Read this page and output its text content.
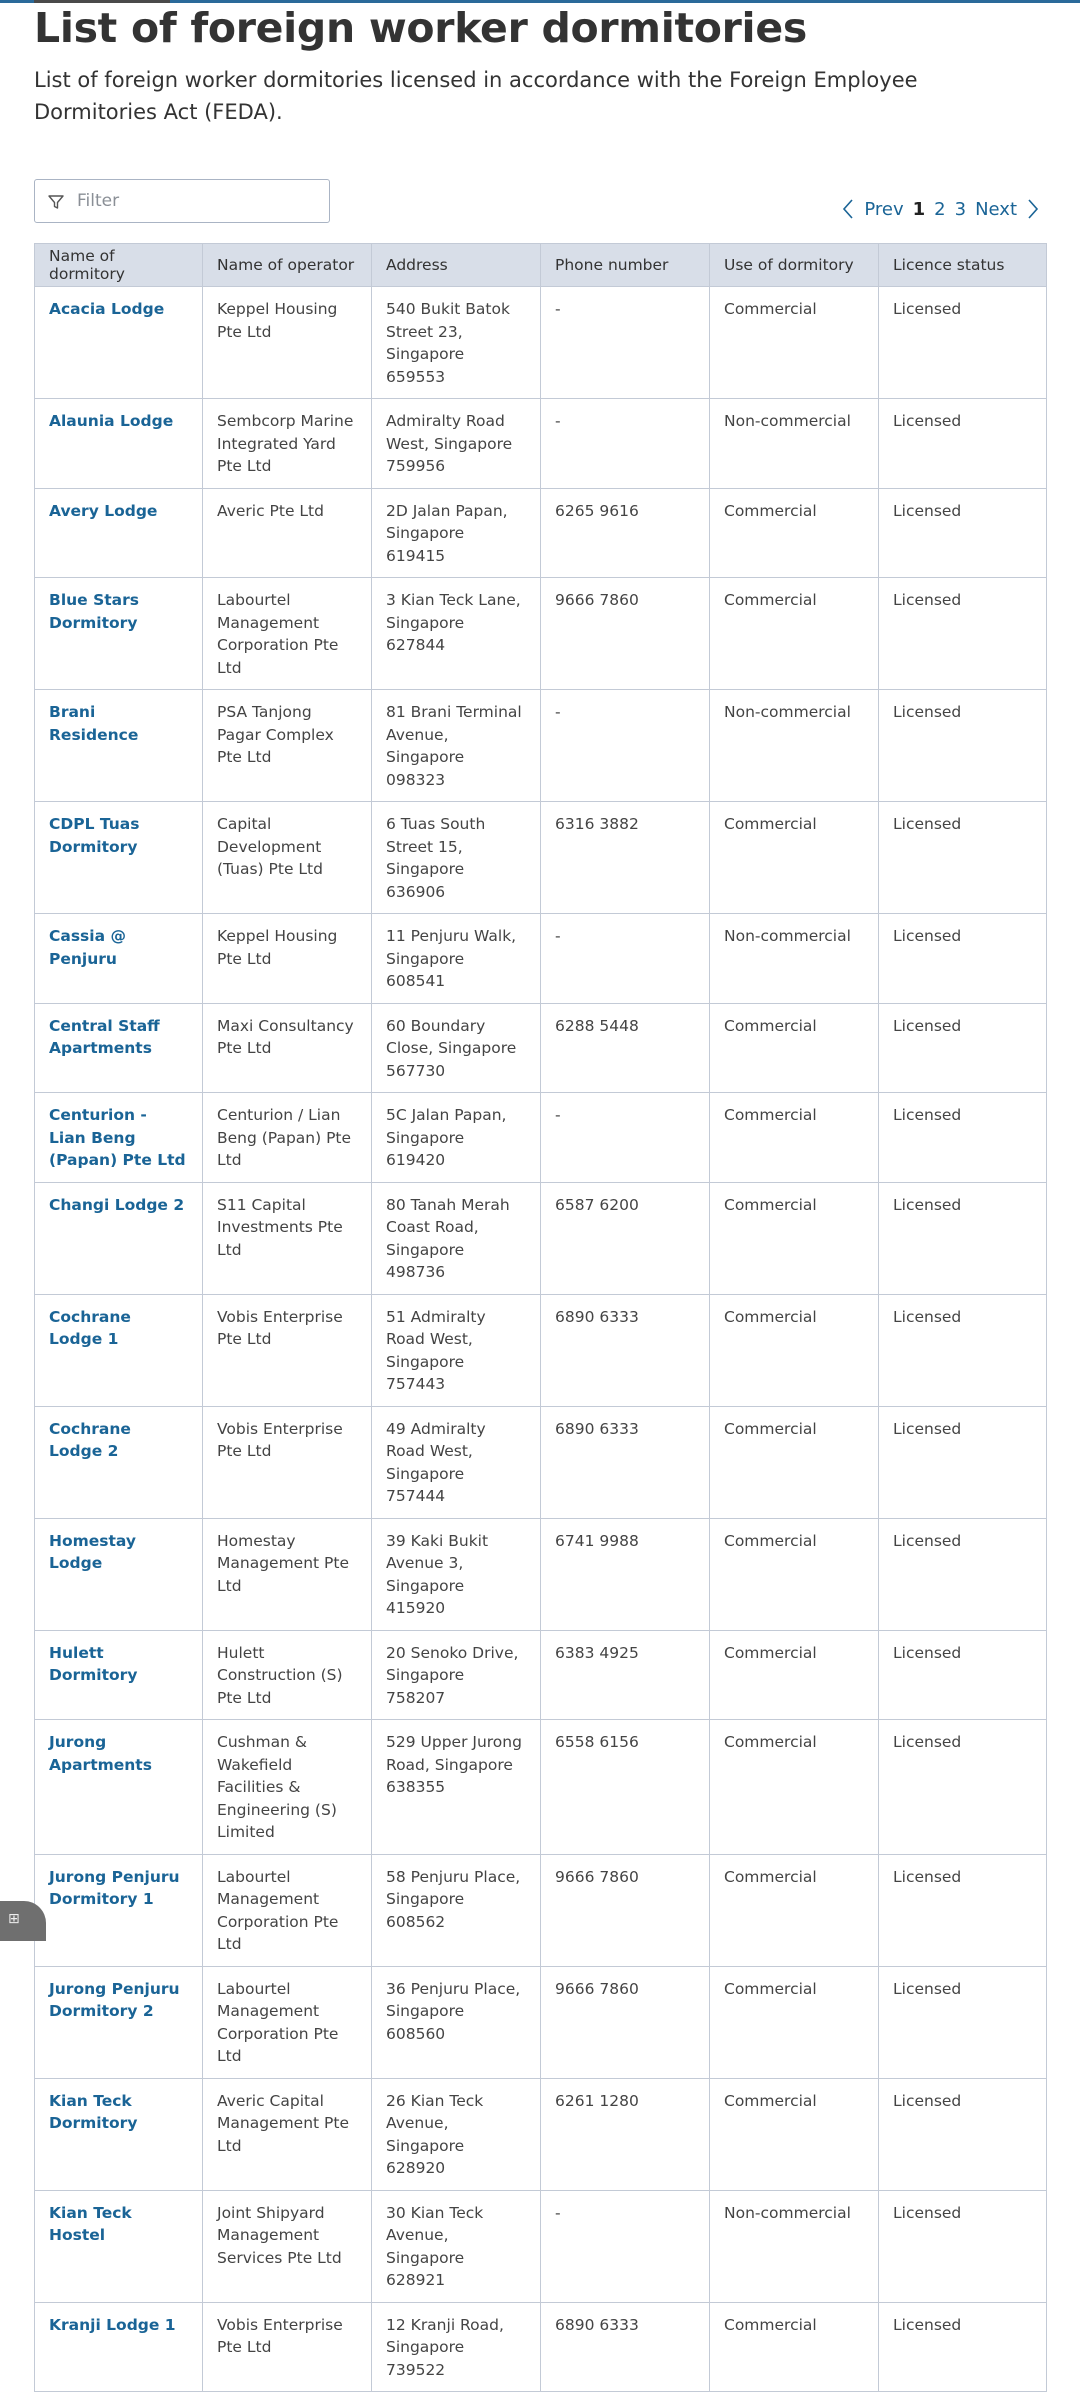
List of foreign worker dormitories

List of foreign worker dormitories licensed in accordance with the Foreign Employee Dormitories Act (FEDA).

Filter
Prev 1 2 3 Next
Name of dormitory	Name of operator	Address	Phone number	Use of dormitory	Licence status
Acacia Lodge	Keppel Housing Pte Ltd	540 Bukit Batok Street 23, Singapore 659553	-	Commercial	Licensed
Alaunia Lodge	Sembcorp Marine Integrated Yard Pte Ltd	Admiralty Road West, Singapore 759956	-	Non-commercial	Licensed
Avery Lodge	Averic Pte Ltd	2D Jalan Papan, Singapore 619415	6265 9616	Commercial	Licensed
Blue Stars Dormitory	Labourtel Management Corporation Pte Ltd	3 Kian Teck Lane, Singapore 627844	9666 7860	Commercial	Licensed
Brani Residence	PSA Tanjong Pagar Complex Pte Ltd	81 Brani Terminal Avenue, Singapore 098323	-	Non-commercial	Licensed
CDPL Tuas Dormitory	Capital Development (Tuas) Pte Ltd	6 Tuas South Street 15, Singapore 636906	6316 3882	Commercial	Licensed
Cassia @ Penjuru	Keppel Housing Pte Ltd	11 Penjuru Walk, Singapore 608541	-	Non-commercial	Licensed
Central Staff Apartments	Maxi Consultancy Pte Ltd	60 Boundary Close, Singapore 567730	6288 5448	Commercial	Licensed
Centurion - Lian Beng (Papan) Pte Ltd	Centurion / Lian Beng (Papan) Pte Ltd	5C Jalan Papan, Singapore 619420	-	Commercial	Licensed
Changi Lodge 2	S11 Capital Investments Pte Ltd	80 Tanah Merah Coast Road, Singapore 498736	6587 6200	Commercial	Licensed
Cochrane Lodge 1	Vobis Enterprise Pte Ltd	51 Admiralty Road West, Singapore 757443	6890 6333	Commercial	Licensed
Cochrane Lodge 2	Vobis Enterprise Pte Ltd	49 Admiralty Road West, Singapore 757444	6890 6333	Commercial	Licensed
Homestay Lodge	Homestay Management Pte Ltd	39 Kaki Bukit Avenue 3, Singapore 415920	6741 9988	Commercial	Licensed
Hulett Dormitory	Hulett Construction (S) Pte Ltd	20 Senoko Drive, Singapore 758207	6383 4925	Commercial	Licensed
Jurong Apartments	Cushman & Wakefield Facilities & Engineering (S) Limited	529 Upper Jurong Road, Singapore 638355	6558 6156	Commercial	Licensed
Jurong Penjuru Dormitory 1	Labourtel Management Corporation Pte Ltd	58 Penjuru Place, Singapore 608562	9666 7860	Commercial	Licensed
Jurong Penjuru Dormitory 2	Labourtel Management Corporation Pte Ltd	36 Penjuru Place, Singapore 608560	9666 7860	Commercial	Licensed
Kian Teck Dormitory	Averic Capital Management Pte Ltd	26 Kian Teck Avenue, Singapore 628920	6261 1280	Commercial	Licensed
Kian Teck Hostel	Joint Shipyard Management Services Pte Ltd	30 Kian Teck Avenue, Singapore 628921	-	Non-commercial	Licensed
Kranji Lodge 1	Vobis Enterprise Pte Ltd	12 Kranji Road, Singapore 739522	6890 6333	Commercial	Licensed
⊞
